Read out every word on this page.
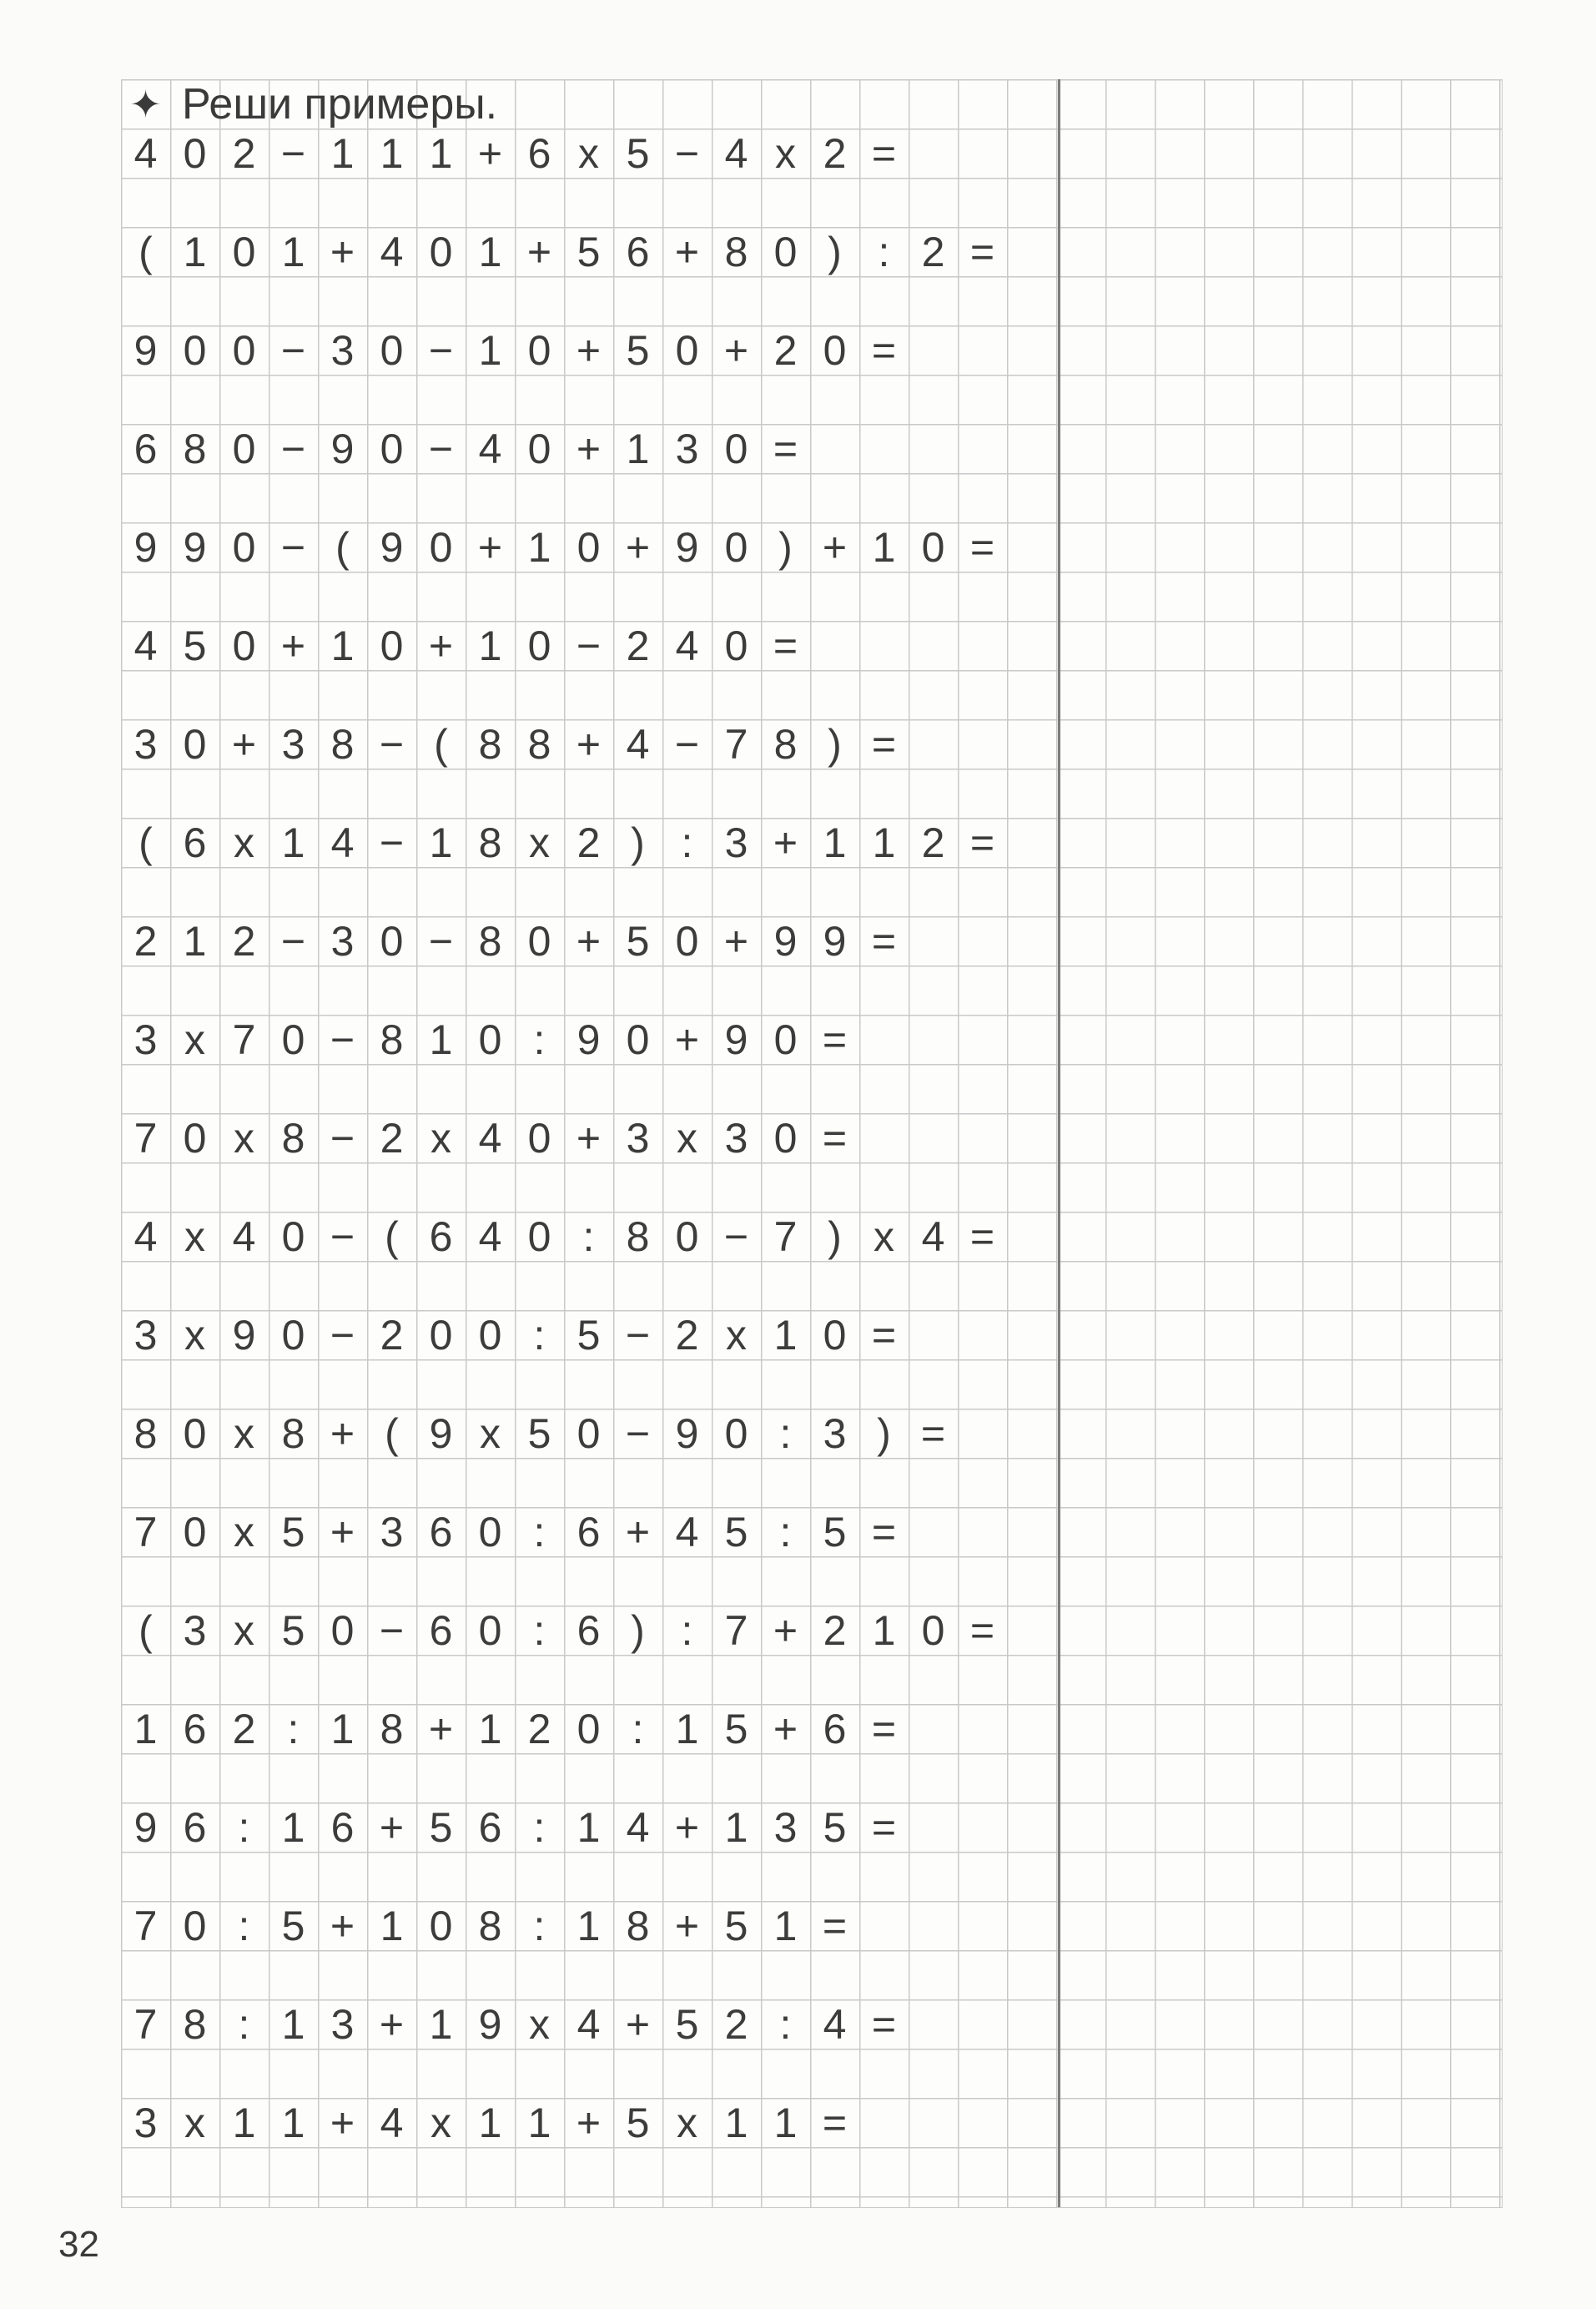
✦ Реши примеры.
4 0 2 − 1 1 1 + 6 x 5 − 4 x 2 =
( 1 0 1 + 4 0 1 + 5 6 + 8 0 ) : 2 =
9 0 0 − 3 0 − 1 0 + 5 0 + 2 0 =
6 8 0 − 9 0 − 4 0 + 1 3 0 =
9 9 0 − ( 9 0 + 1 0 + 9 0 ) + 1 0 =
4 5 0 + 1 0 + 1 0 − 2 4 0 =
3 0 + 3 8 − ( 8 8 + 4 − 7 8 ) =
( 6 x 1 4 − 1 8 x 2 ) : 3 + 1 1 2 =
2 1 2 − 3 0 − 8 0 + 5 0 + 9 9 =
3 x 7 0 − 8 1 0 : 9 0 + 9 0 =
7 0 x 8 − 2 x 4 0 + 3 x 3 0 =
4 x 4 0 − ( 6 4 0 : 8 0 − 7 ) x 4 =
3 x 9 0 − 2 0 0 : 5 − 2 x 1 0 =
8 0 x 8 + ( 9 x 5 0 − 9 0 : 3 ) =
7 0 x 5 + 3 6 0 : 6 + 4 5 : 5 =
( 3 x 5 0 − 6 0 : 6 ) : 7 + 2 1 0 =
1 6 2 : 1 8 + 1 2 0 : 1 5 + 6 =
9 6 : 1 6 + 5 6 : 1 4 + 1 3 5 =
7 0 : 5 + 1 0 8 : 1 8 + 5 1 =
7 8 : 1 3 + 1 9 x 4 + 5 2 : 4 =
3 x 1 1 + 4 x 1 1 + 5 x 1 1 =
32
